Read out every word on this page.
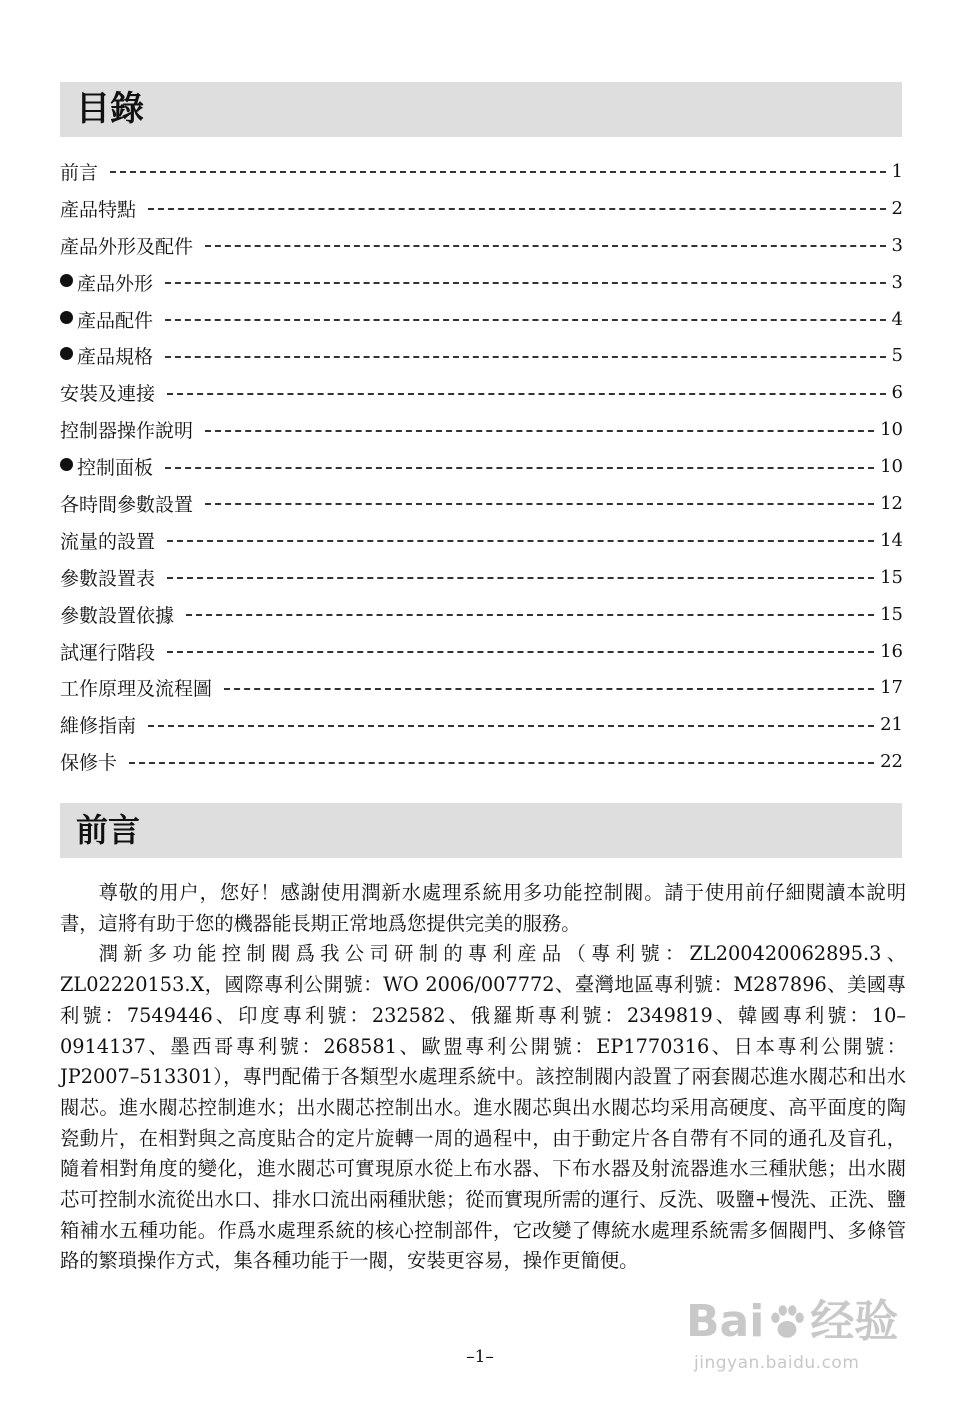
目錄
前言	1
產品特點	2
產品外形及配件	3
產品外形	3
產品配件	4
產品規格	5
安裝及連接	6
控制器操作說明	10
控制面板	10
各時間參數設置	12
流量的設置	14
參數設置表	15
參數設置依據	15
試運行階段	16
工作原理及流程圖	17
維修指南	21
保修卡	22
前言

尊敬的用户，您好！感謝使用潤新水處理系統用多功能控制閥。請于使用前仔細閱讀本說明書，這將有助于您的機器能長期正常地爲您提供完美的服務。

潤新多功能控制閥爲我公司研制的專利産品（專利號：ZL200420062895.3、ZL02220153.X，國際專利公開號：WO 2006/007772、臺灣地區專利號：M287896、美國專利號：7549446、印度專利號：232582、俄羅斯專利號：2349819、韓國專利號：10–0914137、墨西哥專利號：268581、歐盟專利公開號：EP1770316、日本專利公開號：JP2007–513301），專門配備于各類型水處理系統中。該控制閥内設置了兩套閥芯進水閥芯和出水閥芯。進水閥芯控制進水；出水閥芯控制出水。進水閥芯與出水閥芯均采用高硬度、高平面度的陶瓷動片，在相對與之高度貼合的定片旋轉一周的過程中，由于動定片各自帶有不同的通孔及盲孔，隨着相對角度的變化，進水閥芯可實現原水從上布水器、下布水器及射流器進水三種狀態；出水閥芯可控制水流從出水口、排水口流出兩種狀態；從而實現所需的運行、反洗、吸鹽+慢洗、正洗、鹽箱補水五種功能。作爲水處理系統的核心控制部件，它改變了傳統水處理系統需多個閥門、多條管路的繁瑣操作方式，集各種功能于一閥，安裝更容易，操作更簡便。

–1–
Bai 经验
jingyan.baidu.com
